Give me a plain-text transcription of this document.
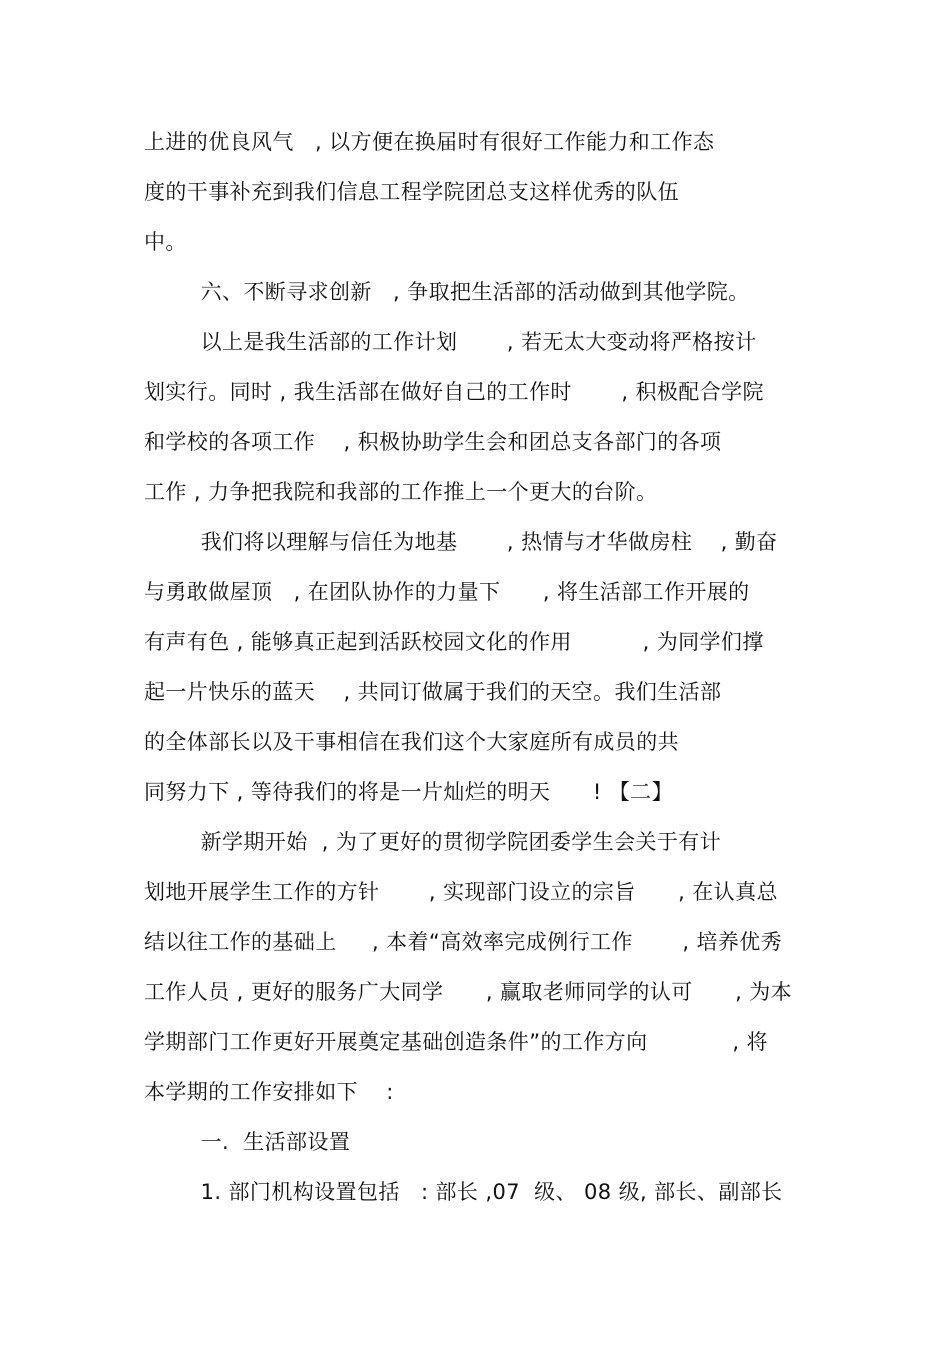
上进的优良风气   , 以方便在换届时有很好工作能力和工作态
度的干事补充到我们信息工程学院团总支这样优秀的队伍
中。
六、不断寻求创新   , 争取把生活部的活动做到其他学院。
以上是我生活部的工作计划       , 若无太大变动将严格按计
划实行。同时 , 我生活部在做好自己的工作时       , 积极配合学院
和学校的各项工作    , 积极协助学生会和团总支各部门的各项
工作 , 力争把我院和我部的工作推上一个更大的台阶。
我们将以理解与信任为地基       , 热情与才华做房柱    , 勤奋
与勇敢做屋顶   , 在团队协作的力量下      , 将生活部工作开展的
有声有色 , 能够真正起到活跃校园文化的作用          , 为同学们撑
起一片快乐的蓝天    , 共同订做属于我们的天空。我们生活部
的全体部长以及干事相信在我们这个大家庭所有成员的共
同努力下 , 等待我们的将是一片灿烂的明天      ! 【二】
新学期开始  , 为了更好的贯彻学院团委学生会关于有计
划地开展学生工作的方针       , 实现部门设立的宗旨      , 在认真总
结以往工作的基础上     , 本着“高效率完成例行工作       , 培养优秀
工作人员 , 更好的服务广大同学      , 赢取老师同学的认可      , 为本
学期部门工作更好开展奠定基础创造条件”的工作方向            , 将
本学期的工作安排如下    :
一.  生活部设置
1. 部门机构设置包括   : 部长 ,07  级、 08 级, 部长、副部长
